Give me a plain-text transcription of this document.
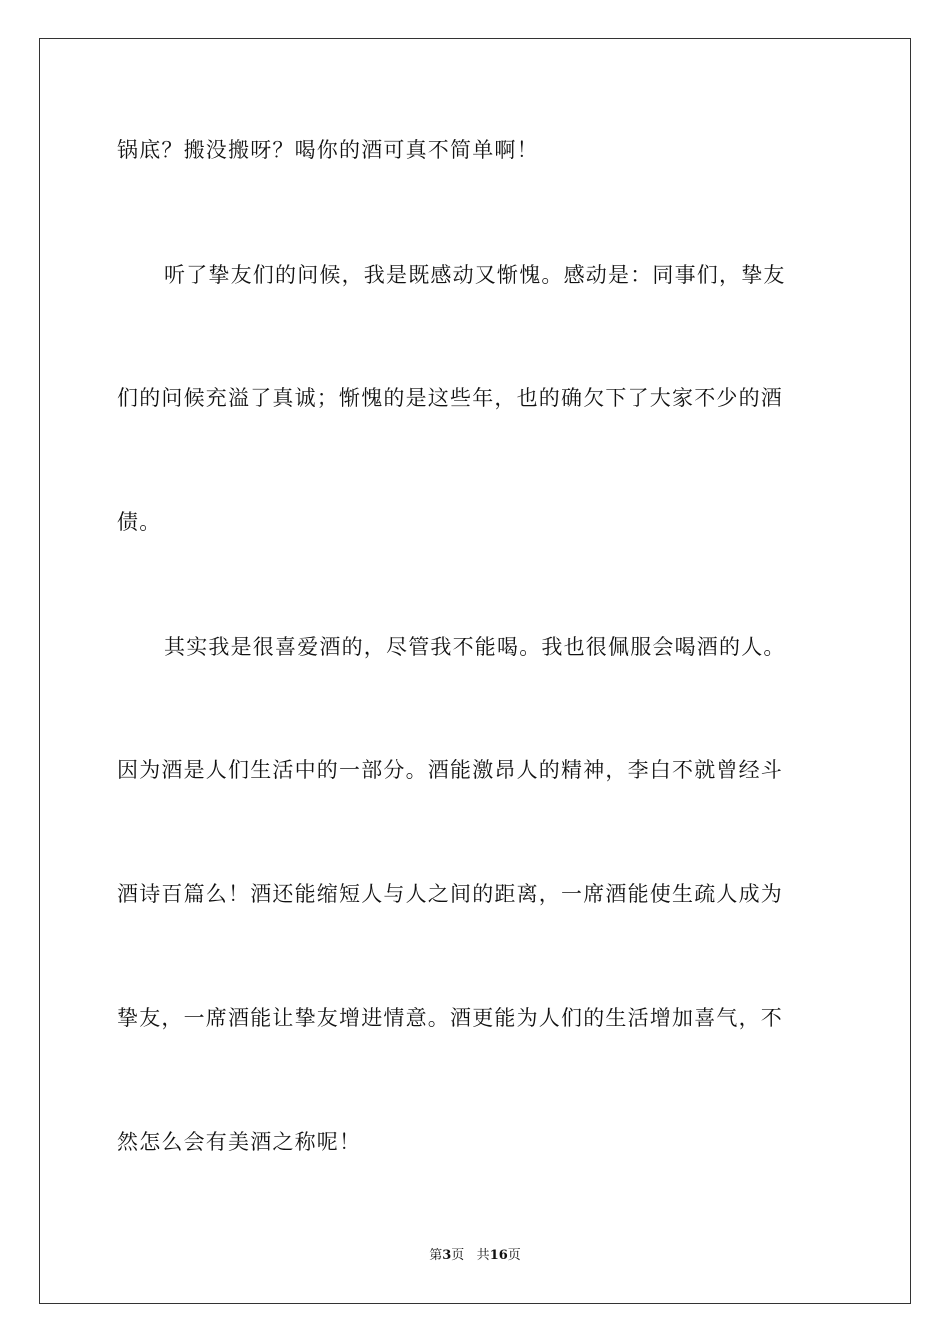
锅底？搬没搬呀？喝你的酒可真不简单啊！
听了挚友们的问候，我是既感动又惭愧。感动是：同事们，挚友
们的问候充溢了真诚；惭愧的是这些年，也的确欠下了大家不少的酒
债。
其实我是很喜爱酒的，尽管我不能喝。我也很佩服会喝酒的人。
因为酒是人们生活中的一部分。酒能激昂人的精神，李白不就曾经斗
酒诗百篇么！酒还能缩短人与人之间的距离，一席酒能使生疏人成为
挚友，一席酒能让挚友增进情意。酒更能为人们的生活增加喜气，不
然怎么会有美酒之称呢！
第3页 共16页
